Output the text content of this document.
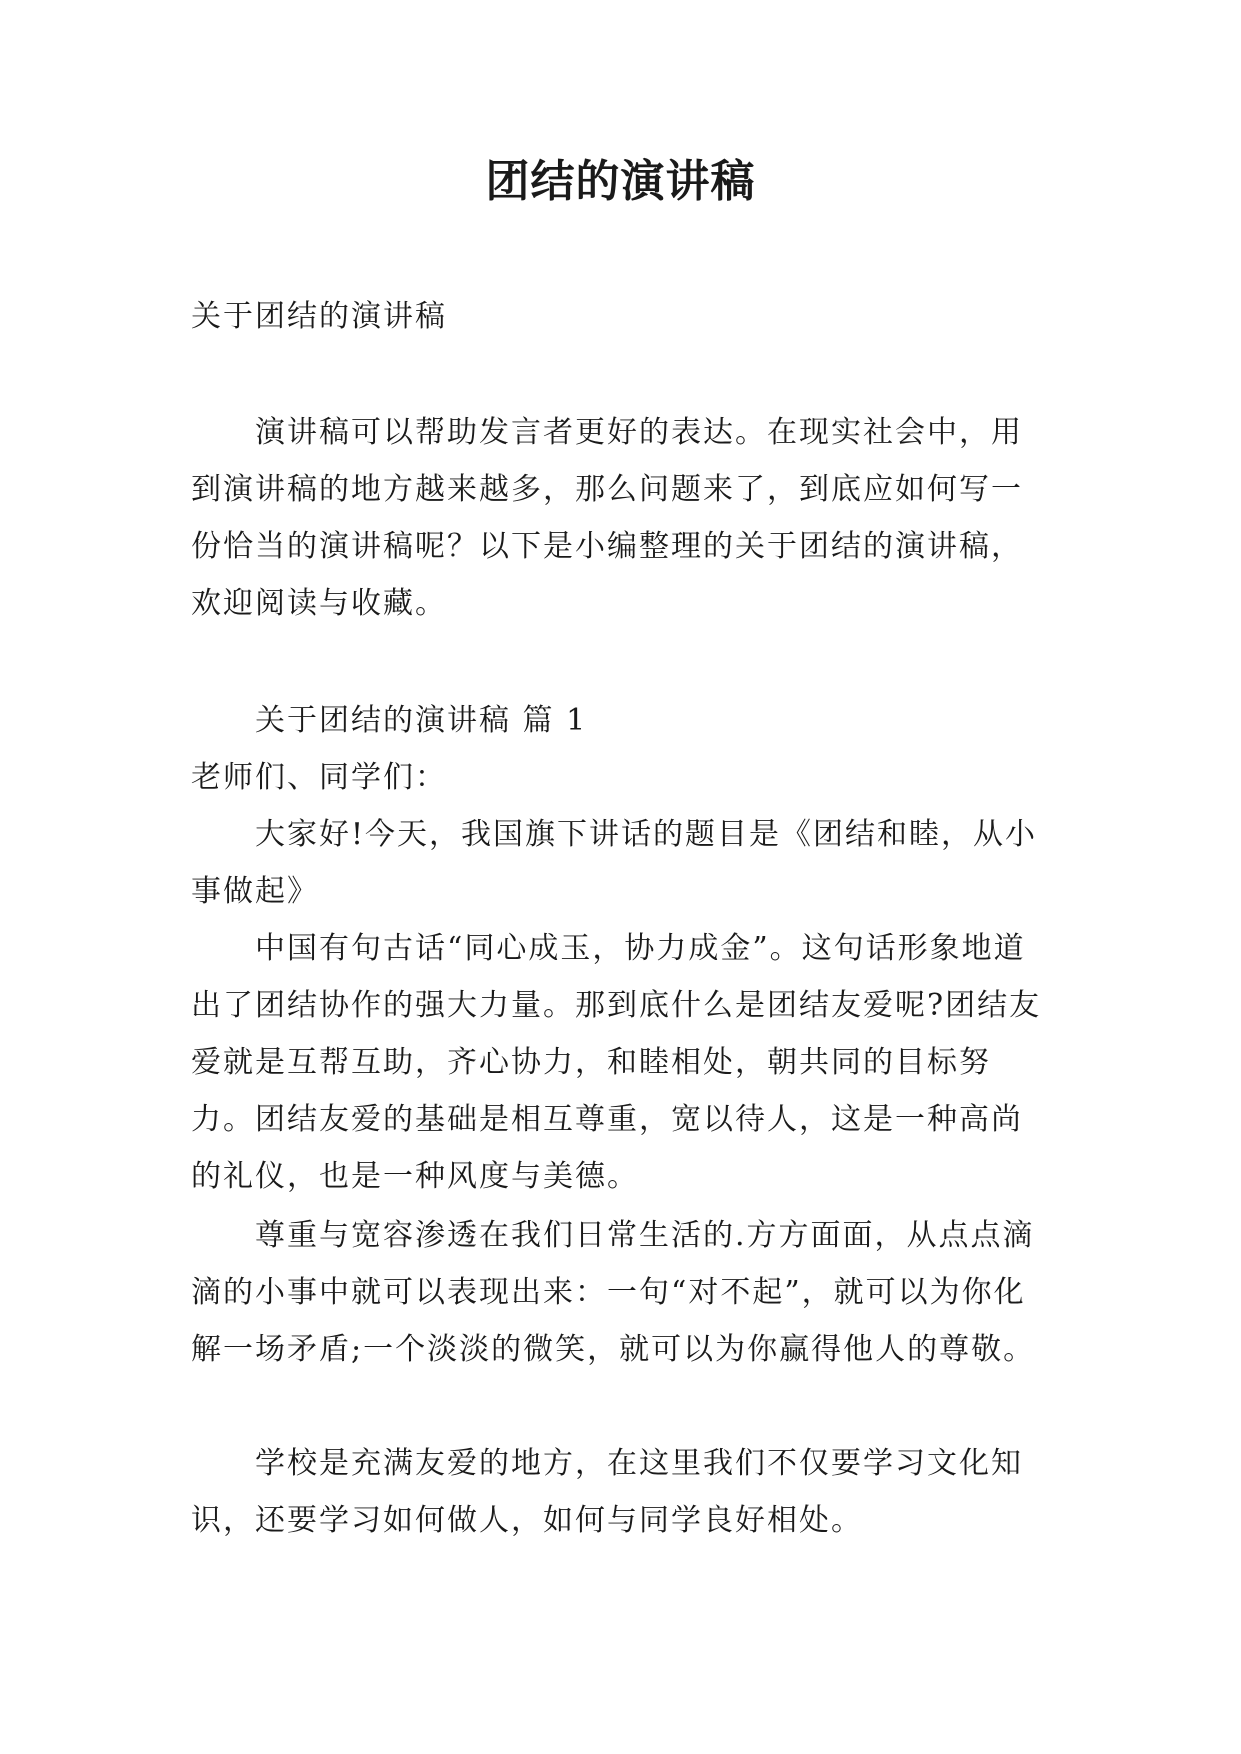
团结的演讲稿

关于团结的演讲稿

演讲稿可以帮助发言者更好的表达。在现实社会中，用到演讲稿的地方越来越多，那么问题来了，到底应如何写一份恰当的演讲稿呢？以下是小编整理的关于团结的演讲稿，欢迎阅读与收藏。

关于团结的演讲稿 篇 1

老师们、同学们：

大家好!今天，我国旗下讲话的题目是《团结和睦，从小事做起》

中国有句古话“同心成玉，协力成金”。这句话形象地道出了团结协作的强大力量。那到底什么是团结友爱呢?团结友爱就是互帮互助，齐心协力，和睦相处，朝共同的目标努力。团结友爱的基础是相互尊重，宽以待人，这是一种高尚的礼仪，也是一种风度与美德。

尊重与宽容渗透在我们日常生活的.方方面面，从点点滴滴的小事中就可以表现出来：一句“对不起”，就可以为你化解一场矛盾;一个淡淡的微笑，就可以为你赢得他人的尊敬。

学校是充满友爱的地方，在这里我们不仅要学习文化知识，还要学习如何做人，如何与同学良好相处。
